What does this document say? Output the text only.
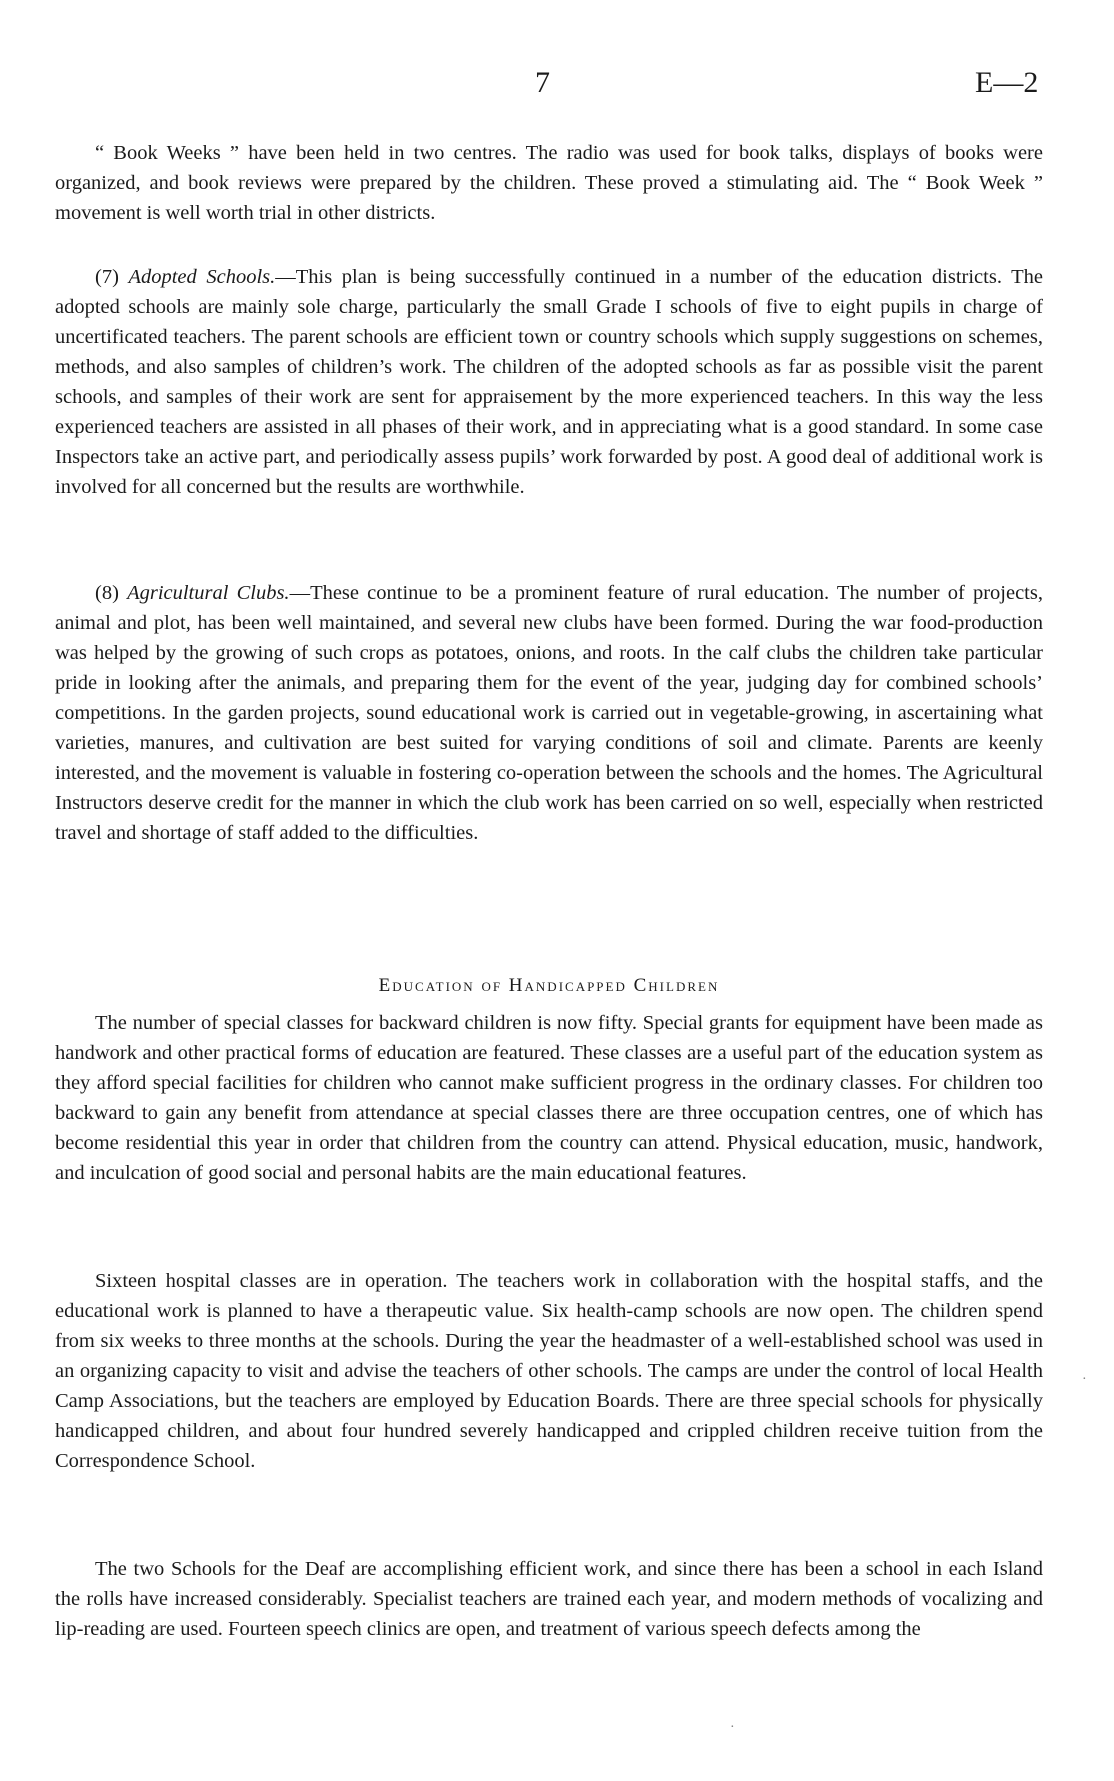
7	E—2

“ Book Weeks ” have been held in two centres. The radio was used for book talks, displays of books were organized, and book reviews were prepared by the children. These proved a stimulating aid. The “ Book Week ” movement is well worth trial in other districts.

(7) Adopted Schools.—This plan is being successfully continued in a number of the education districts. The adopted schools are mainly sole charge, particularly the small Grade I schools of five to eight pupils in charge of uncertificated teachers. The parent schools are efficient town or country schools which supply suggestions on schemes, methods, and also samples of children’s work. The children of the adopted schools as far as possible visit the parent schools, and samples of their work are sent for appraisement by the more experienced teachers. In this way the less experienced teachers are assisted in all phases of their work, and in appreciating what is a good standard. In some case Inspectors take an active part, and periodically assess pupils’ work forwarded by post. A good deal of additional work is involved for all concerned but the results are worthwhile.

(8) Agricultural Clubs.—These continue to be a prominent feature of rural education. The number of projects, animal and plot, has been well maintained, and several new clubs have been formed. During the war food-production was helped by the growing of such crops as potatoes, onions, and roots. In the calf clubs the children take particular pride in looking after the animals, and preparing them for the event of the year, judging day for combined schools’ competitions. In the garden projects, sound educational work is carried out in vegetable-growing, in ascertaining what varieties, manures, and cultivation are best suited for varying conditions of soil and climate. Parents are keenly interested, and the movement is valuable in fostering co-operation between the schools and the homes. The Agricultural Instructors deserve credit for the manner in which the club work has been carried on so well, especially when restricted travel and shortage of staff added to the difficulties.

Education of Handicapped Children

The number of special classes for backward children is now fifty. Special grants for equipment have been made as handwork and other practical forms of education are featured. These classes are a useful part of the education system as they afford special facilities for children who cannot make sufficient progress in the ordinary classes. For children too backward to gain any benefit from attendance at special classes there are three occupation centres, one of which has become residential this year in order that children from the country can attend. Physical education, music, handwork, and inculcation of good social and personal habits are the main educational features.

Sixteen hospital classes are in operation. The teachers work in collaboration with the hospital staffs, and the educational work is planned to have a therapeutic value. Six health-camp schools are now open. The children spend from six weeks to three months at the schools. During the year the headmaster of a well-established school was used in an organizing capacity to visit and advise the teachers of other schools. The camps are under the control of local Health Camp Associations, but the teachers are employed by Education Boards. There are three special schools for physically handicapped children, and about four hundred severely handicapped and crippled children receive tuition from the Correspondence School.

The two Schools for the Deaf are accomplishing efficient work, and since there has been a school in each Island the rolls have increased considerably. Specialist teachers are trained each year, and modern methods of vocalizing and lip-reading are used. Fourteen speech clinics are open, and treatment of various speech defects among the

·
·
